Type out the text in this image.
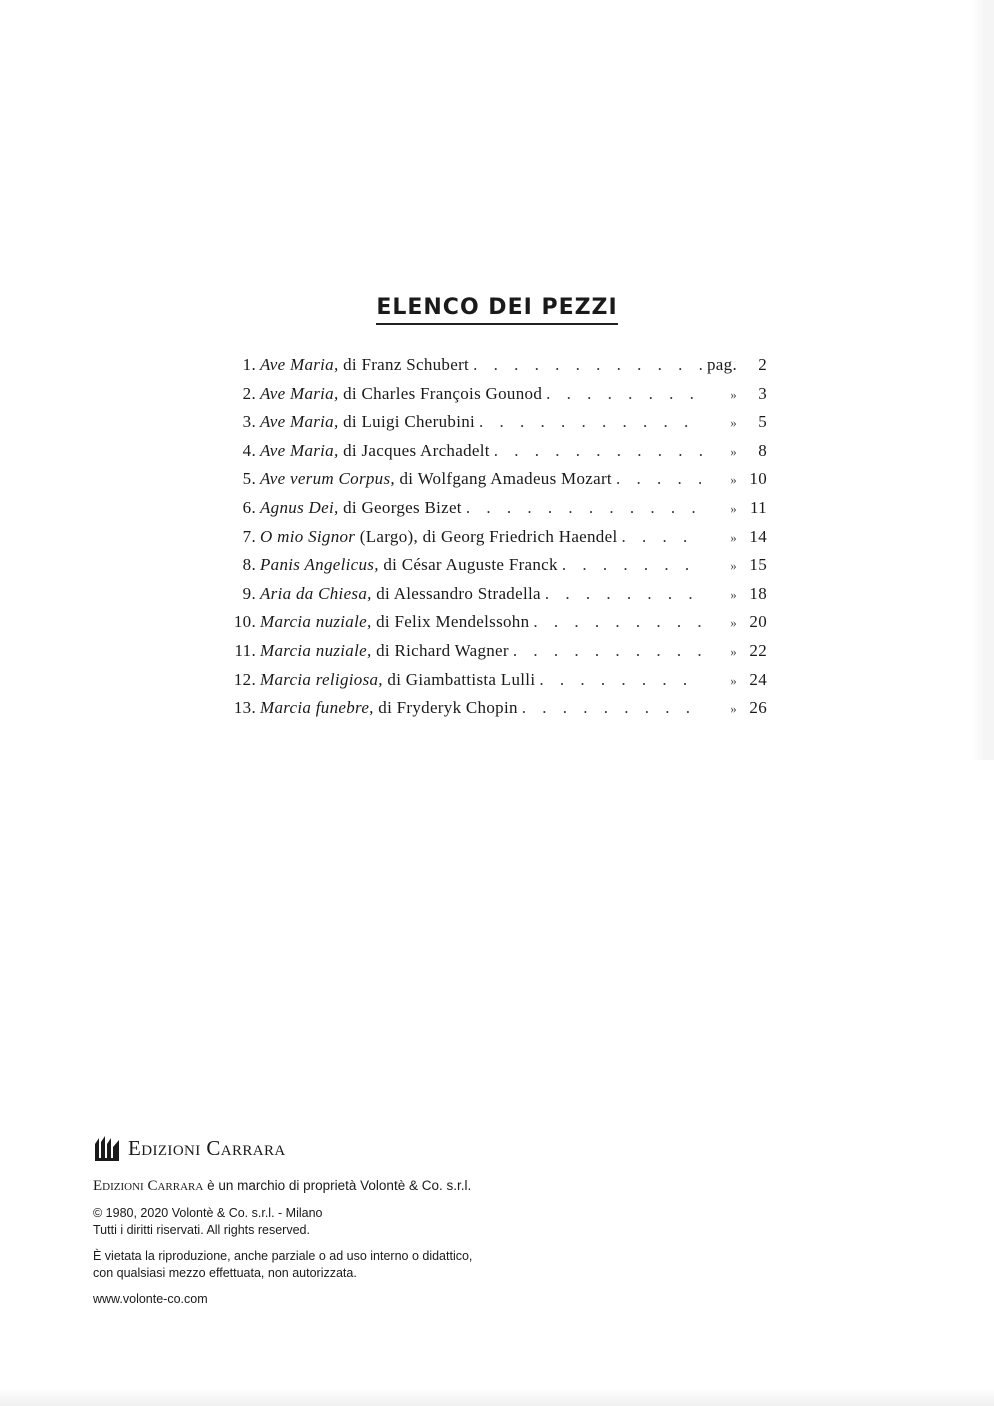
ELENCO DEI PEZZI
1. Ave Maria, di Franz Schubert . . .	pag.	2
2. Ave Maria, di Charles François Gounod . . .	»	3
3. Ave Maria, di Luigi Cherubini . . .	»	5
4. Ave Maria, di Jacques Archadelt . . .	»	8
5. Ave verum Corpus, di Wolfgang Amadeus Mozart . . .	» 10
6. Agnus Dei, di Georges Bizet . . .	» 11
7. O mio Signor (Largo), di Georg Friedrich Haendel . . .	» 14
8. Panis Angelicus, di César Auguste Franck . . .	» 15
9. Aria da Chiesa, di Alessandro Stradella . . .	» 18
10. Marcia nuziale, di Felix Mendelssohn . . .	» 20
11. Marcia nuziale, di Richard Wagner . . .	» 22
12. Marcia religiosa, di Giambattista Lulli . . .	» 24
13. Marcia funebre, di Fryderyk Chopin . . .	» 26
Edizioni Carrara

Edizioni Carrara è un marchio di proprietà Volontè & Co. s.r.l.

© 1980, 2020 Volontè & Co. s.r.l. - Milano

Tutti i diritti riservati. All rights reserved.

È vietata la riproduzione, anche parziale o ad uso interno o didattico,

con qualsiasi mezzo effettuata, non autorizzata.

www.volonte-co.com
